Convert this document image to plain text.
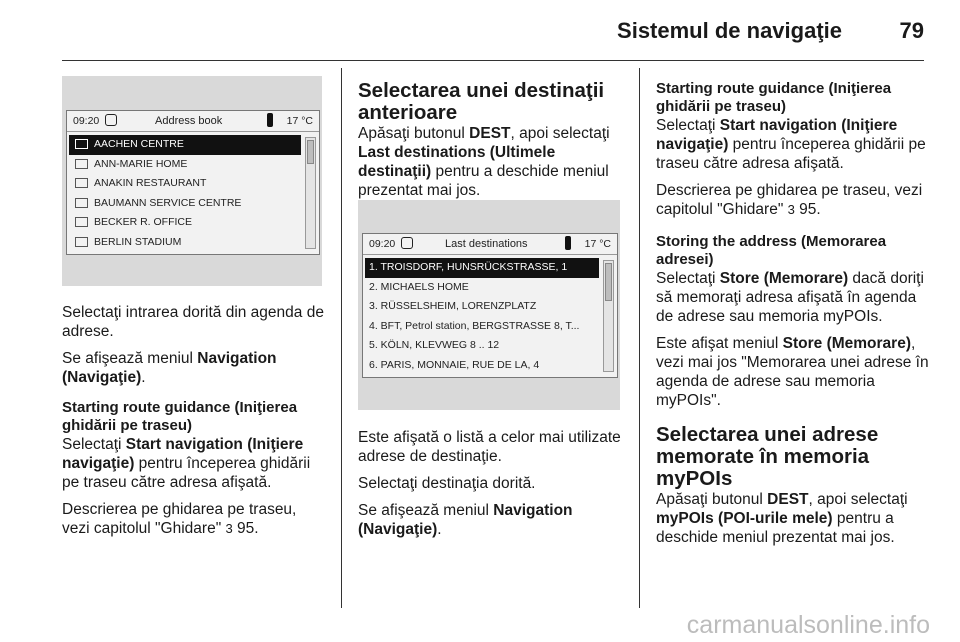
Sistemul de navigaţie	79
09:20	Address book	17 °C
AACHEN CENTRE
ANN-MARIE HOME
ANAKIN RESTAURANT
BAUMANN SERVICE CENTRE
BECKER R. OFFICE
BERLIN STADIUM

Selectaţi intrarea dorită din agenda de adrese.

Se afişează meniul Navigation (Navigaţie).

Starting route guidance (Iniţierea ghidării pe traseu)

Selectaţi Start navigation (Iniţiere navigaţie) pentru începerea ghidării pe traseu către adresa afişată.

Descrierea pe ghidarea pe traseu, vezi capitolul "Ghidare" 3 95.

Selectarea unei destinaţii anterioare

Apăsaţi butonul DEST, apoi selectaţi Last destinations (Ultimele destinaţii) pentru a deschide meniul prezentat mai jos.

09:20	Last destinations	17 °C
1. TROISDORF, HUNSRÜCKSTRASSE, 1
2. MICHAELS HOME
3. RÜSSELSHEIM, LORENZPLATZ
4. BFT, Petrol station, BERGSTRASSE 8, T...
5. KÖLN, KLEVWEG 8 .. 12
6. PARIS, MONNAIE, RUE DE LA, 4

Este afişată o listă a celor mai utilizate adrese de destinaţie.

Selectaţi destinaţia dorită.

Se afişează meniul Navigation (Navigaţie).

Starting route guidance (Iniţierea ghidării pe traseu)

Selectaţi Start navigation (Iniţiere navigaţie) pentru începerea ghidării pe traseu către adresa afişată.

Descrierea pe ghidarea pe traseu, vezi capitolul "Ghidare" 3 95.

Storing the address (Memorarea adresei)

Selectaţi Store (Memorare) dacă doriţi să memoraţi adresa afişată în agenda de adrese sau memoria myPOIs.

Este afişat meniul Store (Memorare), vezi mai jos "Memorarea unei adrese în agenda de adrese sau memoria myPOIs".

Selectarea unei adrese memorate în memoria myPOIs

Apăsaţi butonul DEST, apoi selectaţi myPOIs (POI-urile mele) pentru a deschide meniul prezentat mai jos.

carmanualsonline.info
